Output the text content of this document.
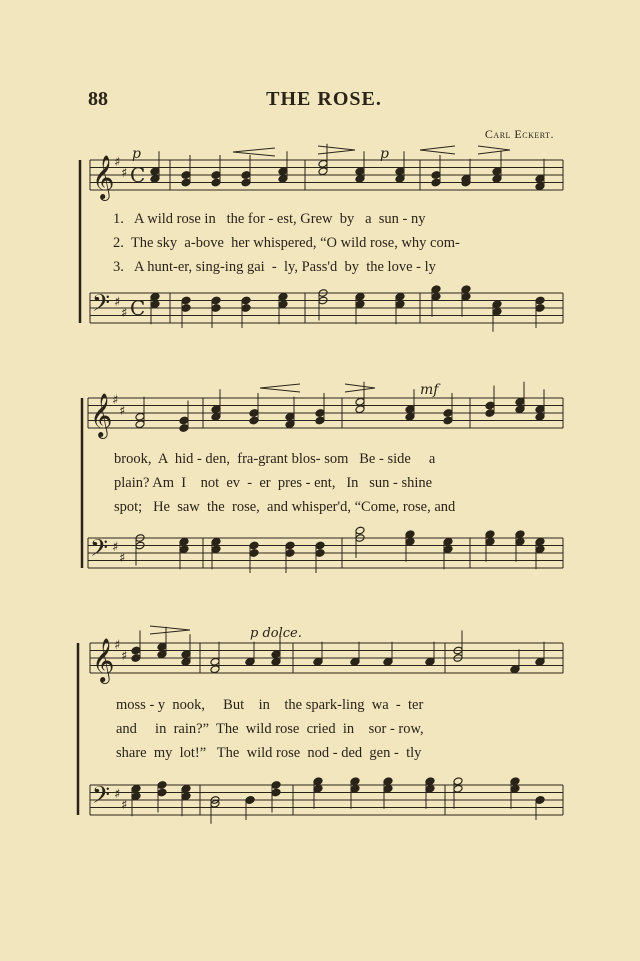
88	THE ROSE.
Carl Eckert.
𝄞
𝄢
♯
♯
♯
♯
C
C
𝄞
𝄢
♯
♯
♯
♯
𝄞
𝄢
♯
♯
♯
♯
p	p
mf
p dolce.

1.   A wild rose in   the for - est, Grew  by   a  sun - ny

2.  The sky  a-bove  her whispered, “O wild rose, why com-

3.   A hunt-er, sing-ing gai  -  ly, Pass'd  by  the love - ly

brook,  A  hid - den,  fra-grant blos- som   Be - side     a

plain? Am  I    not  ev  -  er  pres - ent,   In   sun - shine

spot;   He  saw  the  rose,  and whisper'd, “Come, rose, and

moss - y  nook,     But    in    the spark-ling  wa  -  ter

and     in  rain?”  The  wild rose  cried  in    sor - row,

share  my  lot!”   The  wild rose  nod - ded  gen -  tly
